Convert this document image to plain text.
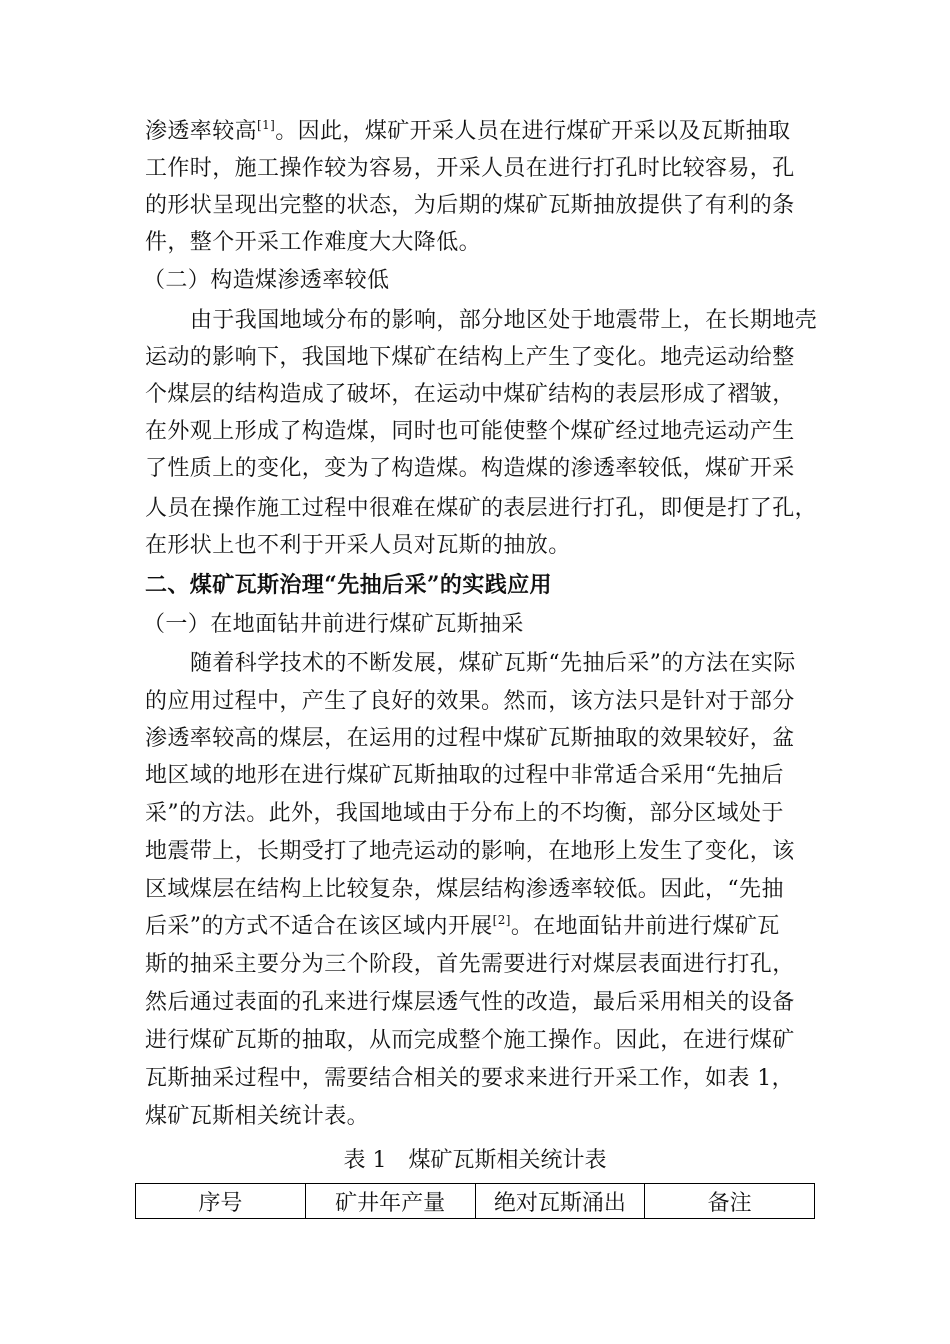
渗透率较高[1]。因此，煤矿开采人员在进行煤矿开采以及瓦斯抽取
工作时，施工操作较为容易，开采人员在进行打孔时比较容易，孔
的形状呈现出完整的状态，为后期的煤矿瓦斯抽放提供了有利的条
件，整个开采工作难度大大降低。
（二）构造煤渗透率较低
由于我国地域分布的影响，部分地区处于地震带上，在长期地壳
运动的影响下，我国地下煤矿在结构上产生了变化。地壳运动给整
个煤层的结构造成了破坏，在运动中煤矿结构的表层形成了褶皱，
在外观上形成了构造煤，同时也可能使整个煤矿经过地壳运动产生
了性质上的变化，变为了构造煤。构造煤的渗透率较低，煤矿开采
人员在操作施工过程中很难在煤矿的表层进行打孔，即便是打了孔，
在形状上也不利于开采人员对瓦斯的抽放。
二、煤矿瓦斯治理“先抽后采”的实践应用
（一）在地面钻井前进行煤矿瓦斯抽采
随着科学技术的不断发展，煤矿瓦斯“先抽后采”的方法在实际
的应用过程中，产生了良好的效果。然而，该方法只是针对于部分
渗透率较高的煤层，在运用的过程中煤矿瓦斯抽取的效果较好，盆
地区域的地形在进行煤矿瓦斯抽取的过程中非常适合采用“先抽后
采”的方法。此外，我国地域由于分布上的不均衡，部分区域处于
地震带上，长期受打了地壳运动的影响，在地形上发生了变化，该
区域煤层在结构上比较复杂，煤层结构渗透率较低。因此，“先抽
后采”的方式不适合在该区域内开展[2]。在地面钻井前进行煤矿瓦
斯的抽采主要分为三个阶段，首先需要进行对煤层表面进行打孔，
然后通过表面的孔来进行煤层透气性的改造，最后采用相关的设备
进行煤矿瓦斯的抽取，从而完成整个施工操作。因此，在进行煤矿
瓦斯抽采过程中，需要结合相关的要求来进行开采工作，如表 1，
煤矿瓦斯相关统计表。
表 1　煤矿瓦斯相关统计表
序号	矿井年产量	绝对瓦斯涌出	备注
